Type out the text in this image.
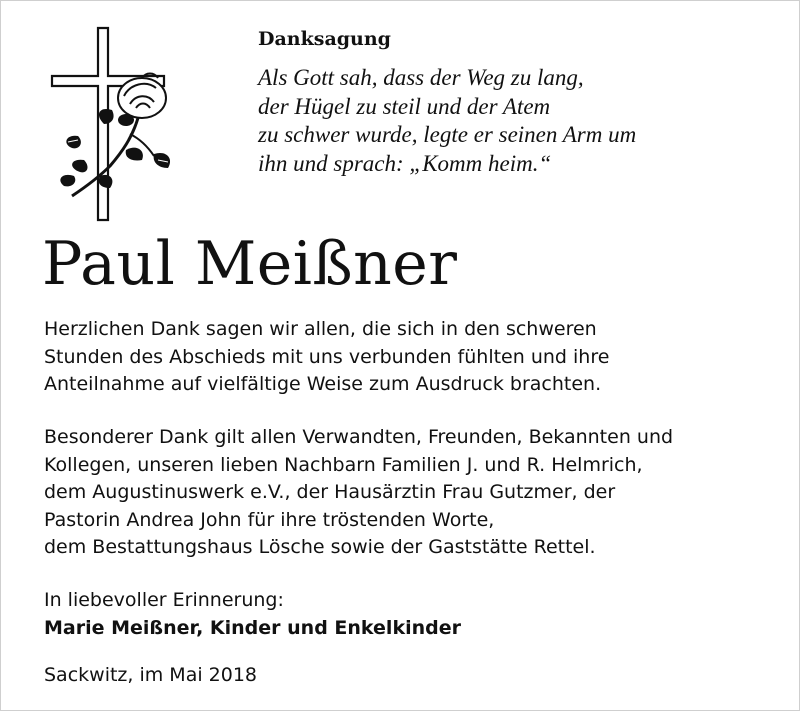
Danksagung
Als Gott sah, dass der Weg zu lang,
der Hügel zu steil und der Atem
zu schwer wurde, legte er seinen Arm um
ihn und sprach: „Komm heim.“
Paul Meißner
Herzlichen Dank sagen wir allen, die sich in den schweren
Stunden des Abschieds mit uns verbunden fühlten und ihre
Anteilnahme auf vielfältige Weise zum Ausdruck brachten.
Besonderer Dank gilt allen Verwandten, Freunden, Bekannten und
Kollegen, unseren lieben Nachbarn Familien J. und R. Helmrich,
dem Augustinuswerk e.V., der Hausärztin Frau Gutzmer, der
Pastorin Andrea John für ihre tröstenden Worte,
dem Bestattungshaus Lösche sowie der Gaststätte Rettel.
In liebevoller Erinnerung:
Marie Meißner, Kinder und Enkelkinder
Sackwitz, im Mai 2018
